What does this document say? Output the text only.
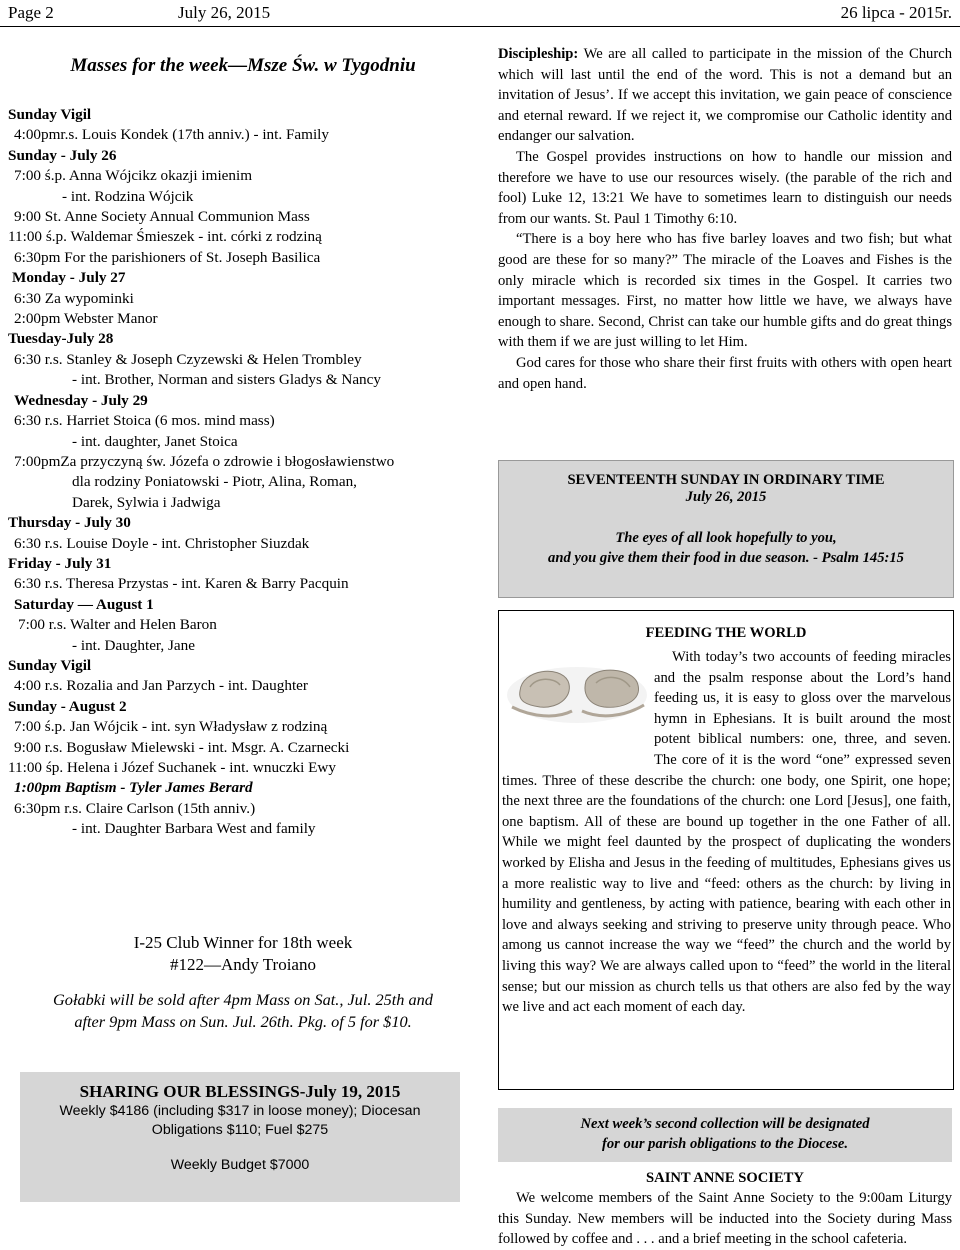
Page 2	July 26, 2015	26 lipca - 2015r.
Masses for the week—Msze Św. w Tygodniu
Sunday Vigil
4:00pmr.s. Louis Kondek (17th anniv.) - int. Family
Sunday - July 26
7:00 ś.p. Anna Wójcikz okazji imienim
- int. Rodzina Wójcik
9:00 St. Anne Society Annual Communion Mass
11:00 ś.p. Waldemar Śmieszek - int. córki z rodziną
6:30pm For the parishioners of St. Joseph Basilica
Monday - July 27
6:30 Za wypominki
2:00pm Webster Manor
Tuesday-July 28
6:30 r.s. Stanley & Joseph Czyzewski & Helen Trombley
- int. Brother, Norman and sisters Gladys & Nancy
Wednesday - July 29
6:30 r.s. Harriet Stoica (6 mos. mind mass)
- int. daughter, Janet Stoica
7:00pmZa przyczyną św. Józefa o zdrowie i błogosławienstwo
dla rodziny Poniatowski - Piotr, Alina, Roman,
Darek, Sylwia i Jadwiga
Thursday - July 30
6:30 r.s. Louise Doyle - int. Christopher Siuzdak
Friday - July 31
6:30 r.s. Theresa Przystas - int. Karen & Barry Pacquin
Saturday — August 1
7:00 r.s. Walter and Helen Baron
- int. Daughter, Jane
Sunday Vigil
4:00 r.s. Rozalia and Jan Parzych - int. Daughter
Sunday - August 2
7:00 ś.p. Jan Wójcik - int. syn Władysław z rodziną
9:00 r.s. Bogusław Mielewski - int. Msgr. A. Czarnecki
11:00 śp. Helena i Józef Suchanek - int. wnuczki Ewy
1:00pm Baptism - Tyler James Berard
6:30pm r.s. Claire Carlson (15th anniv.)
- int. Daughter Barbara West and family
I-25 Club Winner for 18th week
#122—Andy Troiano
Gołabki will be sold after 4pm Mass on Sat., Jul. 25th and
after 9pm Mass on Sun. Jul. 26th. Pkg. of 5 for $10.
SHARING OUR BLESSINGS-July 19, 2015
Weekly $4186 (including $317 in loose money); Diocesan
Obligations $110; Fuel $275
Weekly Budget $7000

Discipleship: We are all called to participate in the mission of the Church which will last until the end of the word. This is not a demand but an invitation of Jesus’. If we accept this invitation, we gain peace of conscience and eternal reward. If we reject it, we compromise our Catholic identity and endanger our salvation.

The Gospel provides instructions on how to handle our mission and therefore we have to use our resources wisely. (the parable of the rich and fool) Luke 12, 13:21 We have to sometimes learn to distinguish our needs from our wants. St. Paul 1 Timothy 6:10.

“There is a boy here who has five barley loaves and two fish; but what good are these for so many?” The miracle of the Loaves and Fishes is the only miracle which is recorded six times in the Gospel. It carries two important messages. First, no matter how little we have, we always have enough to share. Second, Christ can take our humble gifts and do great things with them if we are just willing to let Him.

God cares for those who share their first fruits with others with open heart and open hand.

SEVENTEENTH SUNDAY IN ORDINARY TIME
July 26, 2015
The eyes of all look hopefully to you,
and you give them their food in due season. - Psalm 145:15
FEEDING THE WORLD

With today’s two accounts of feeding miracles and the psalm response about the Lord’s hand feeding us, it is easy to gloss over the marvelous hymn in Ephesians. It is built around the most potent biblical numbers: one, three, and seven. The core of it is the word “one” expressed seven times. Three of these describe the church: one body, one Spirit, one hope; the next three are the foundations of the church: one Lord [Jesus], one faith, one baptism. All of these are bound up together in the one Father of all. While we might feel daunted by the prospect of duplicating the wonders worked by Elisha and Jesus in the feeding of multitudes, Ephesians gives us a more realistic way to live and “feed: others as the church: by living in humility and gentleness, by acting with patience, bearing with each other in love and always seeking and striving to preserve unity through peace. Who among us cannot increase the way we “feed” the church and the world by living this way? We are always called upon to “feed” the world in the literal sense; but our mission as church tells us that others are also fed by the way we live and act each moment of each day.

Next week’s second collection will be designated
for our parish obligations to the Diocese.
SAINT ANNE SOCIETY

We welcome members of the Saint Anne Society to the 9:00am Liturgy this Sunday. New members will be inducted into the Society during Mass followed by coffee and . . . and a brief meeting in the school cafeteria.
